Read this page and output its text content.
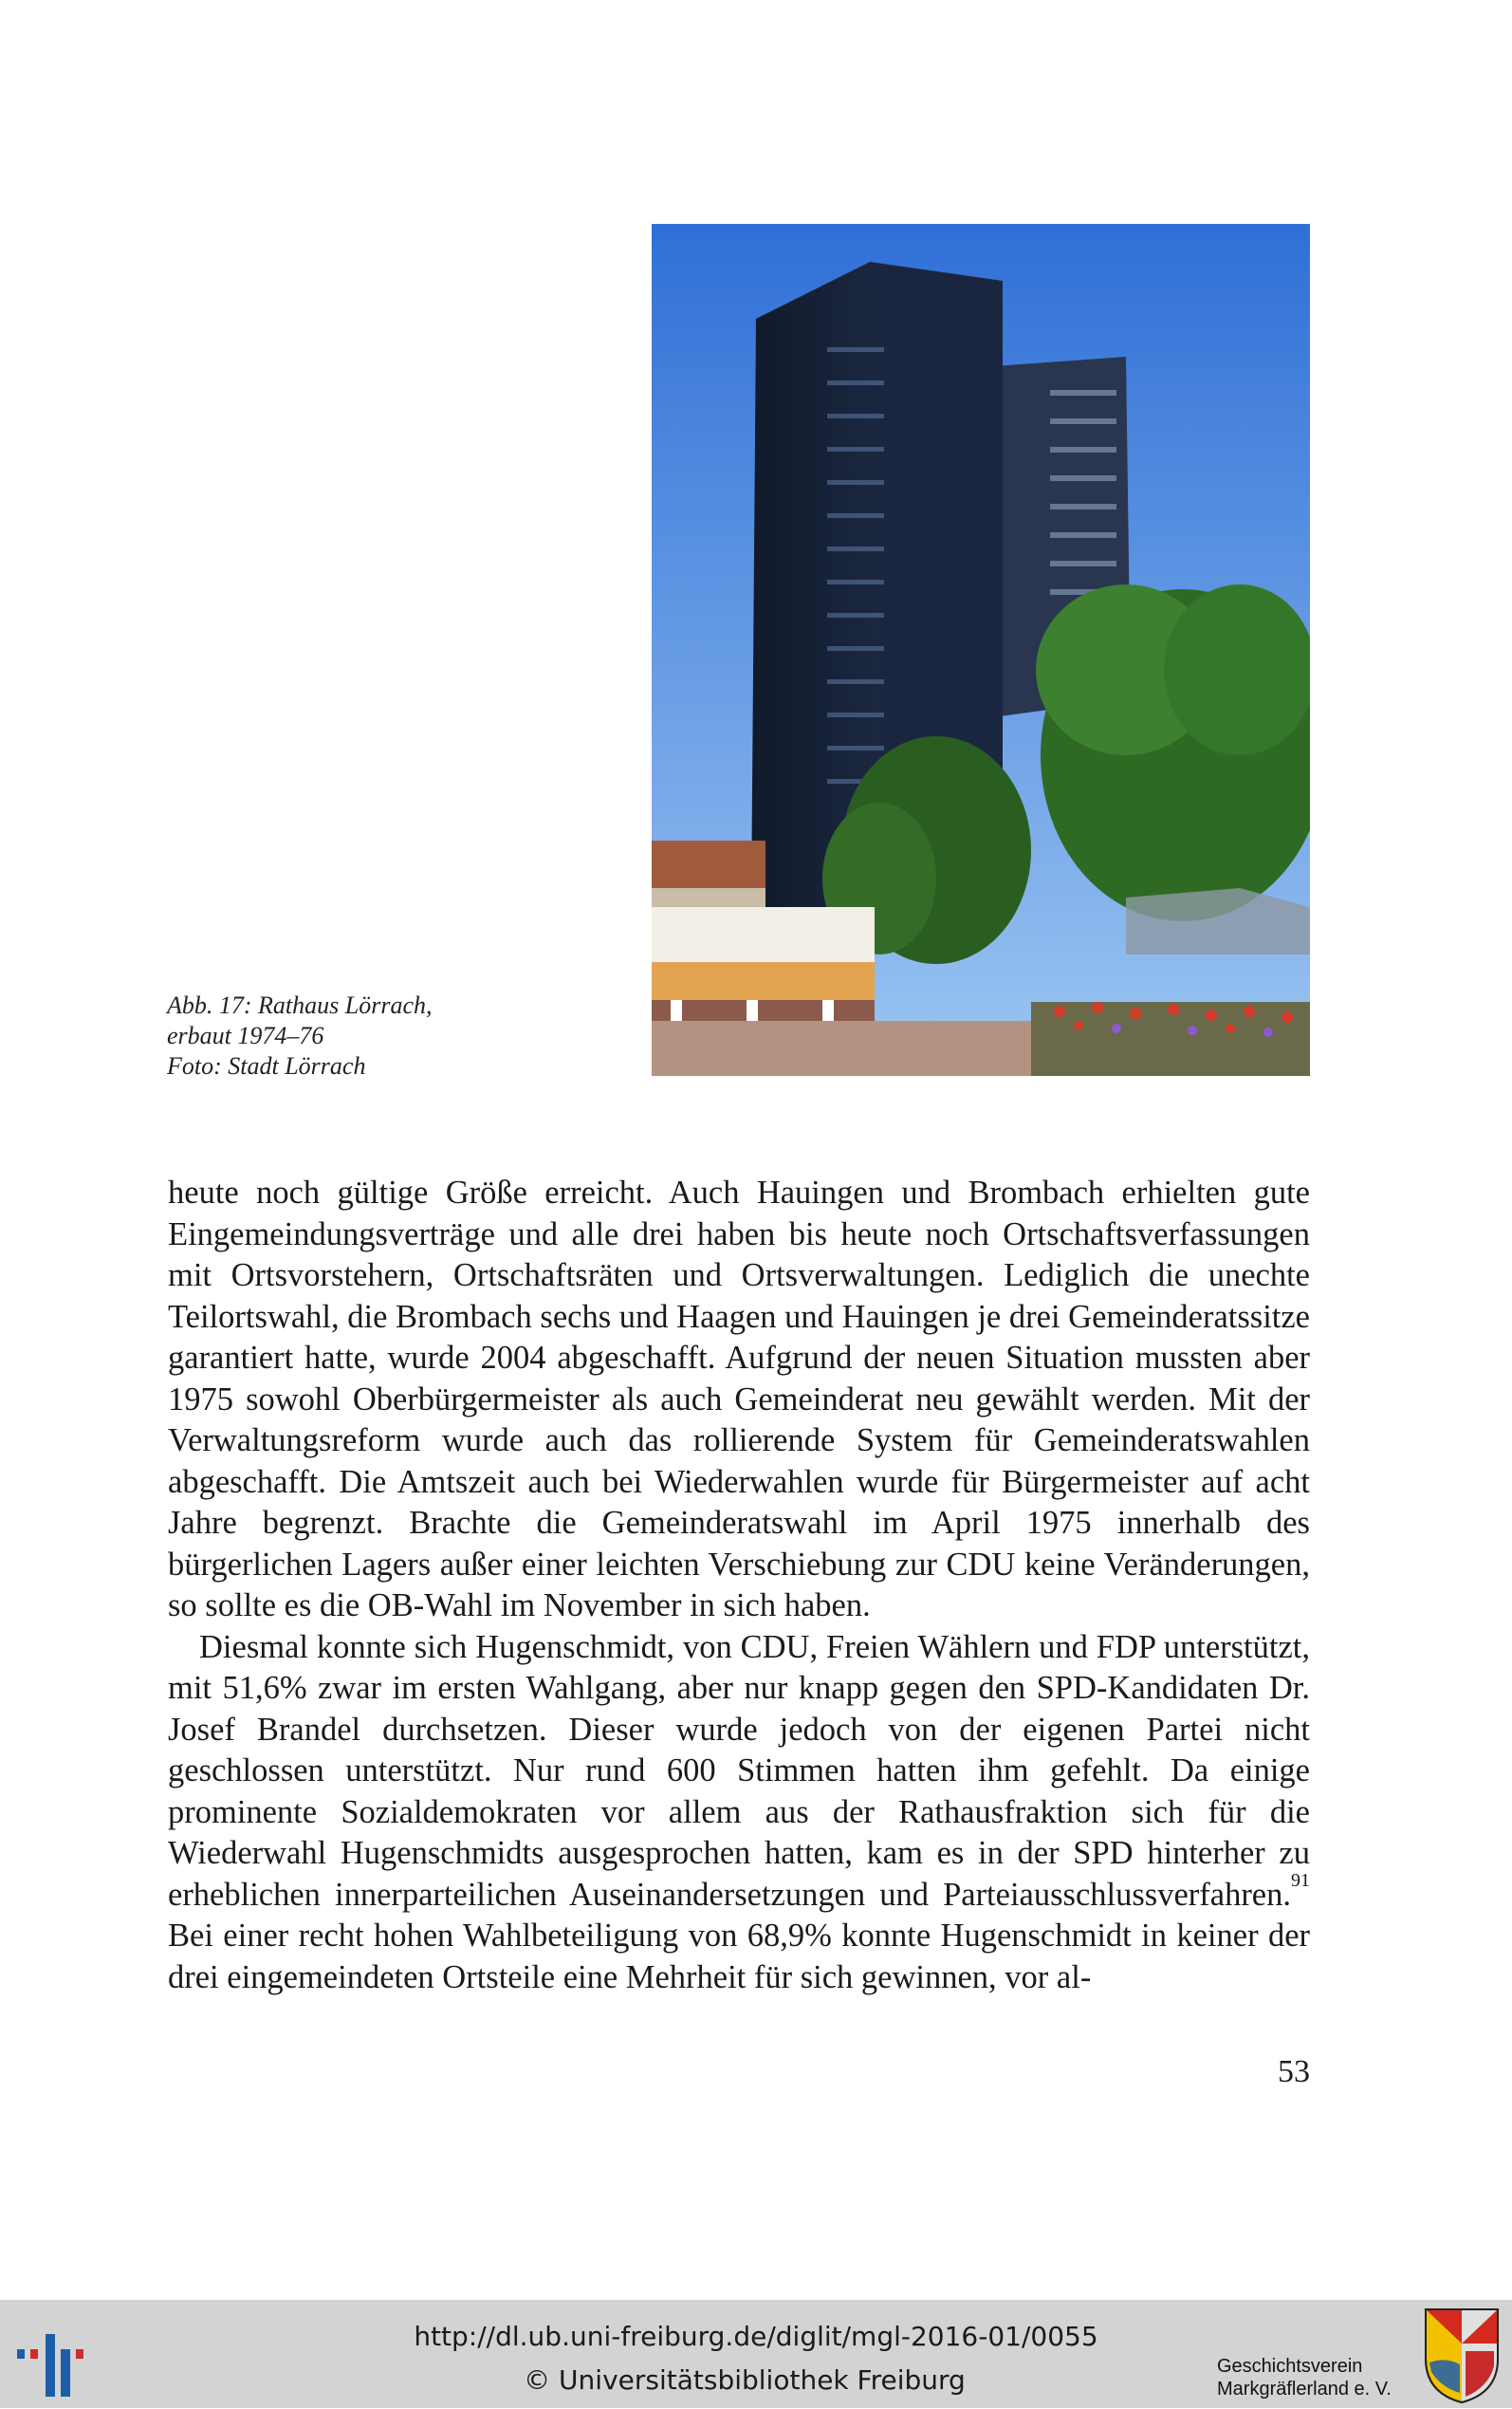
Abb. 17: Rathaus Lörrach,
erbaut 1974–76
Foto: Stadt Lörrach

heute noch gültige Größe erreicht. Auch Hauingen und Brombach erhielten gute Eingemeindungsverträge und alle drei haben bis heute noch Ortschaftsverfassungen mit Ortsvorstehern, Ortschaftsräten und Ortsverwaltungen. Lediglich die unechte Teilortswahl, die Brombach sechs und Haagen und Hauingen je drei Gemeinderatssitze garantiert hatte, wurde 2004 abgeschafft. Aufgrund der neuen Situation mussten aber 1975 sowohl Oberbürgermeister als auch Gemeinderat neu gewählt werden. Mit der Verwaltungsreform wurde auch das rollierende System für Gemeinderatswahlen abgeschafft. Die Amtszeit auch bei Wiederwahlen wurde für Bürgermeister auf acht Jahre begrenzt. Brachte die Gemeinderatswahl im April 1975 innerhalb des bürgerlichen Lagers außer einer leichten Verschiebung zur CDU keine Veränderungen, so sollte es die OB-Wahl im November in sich haben.

Diesmal konnte sich Hugenschmidt, von CDU, Freien Wählern und FDP unterstützt, mit 51,6% zwar im ersten Wahlgang, aber nur knapp gegen den SPD-Kandidaten Dr. Josef Brandel durchsetzen. Dieser wurde jedoch von der eigenen Partei nicht geschlossen unterstützt. Nur rund 600 Stimmen hatten ihm gefehlt. Da einige prominente Sozialdemokraten vor allem aus der Rathausfraktion sich für die Wiederwahl Hugenschmidts ausgesprochen hatten, kam es in der SPD hinterher zu erheblichen innerparteilichen Auseinandersetzungen und Parteiausschlussverfahren.$^{91}$ Bei einer recht hohen Wahlbeteiligung von 68,9% konnte Hugenschmidt in keiner der drei eingemeindeten Ortsteile eine Mehrheit für sich gewinnen, vor al-

53
http://dl.ub.uni-freiburg.de/diglit/mgl-2016-01/0055
© Universitätsbibliothek Freiburg	Geschichtsverein
Markgräflerland e. V.
